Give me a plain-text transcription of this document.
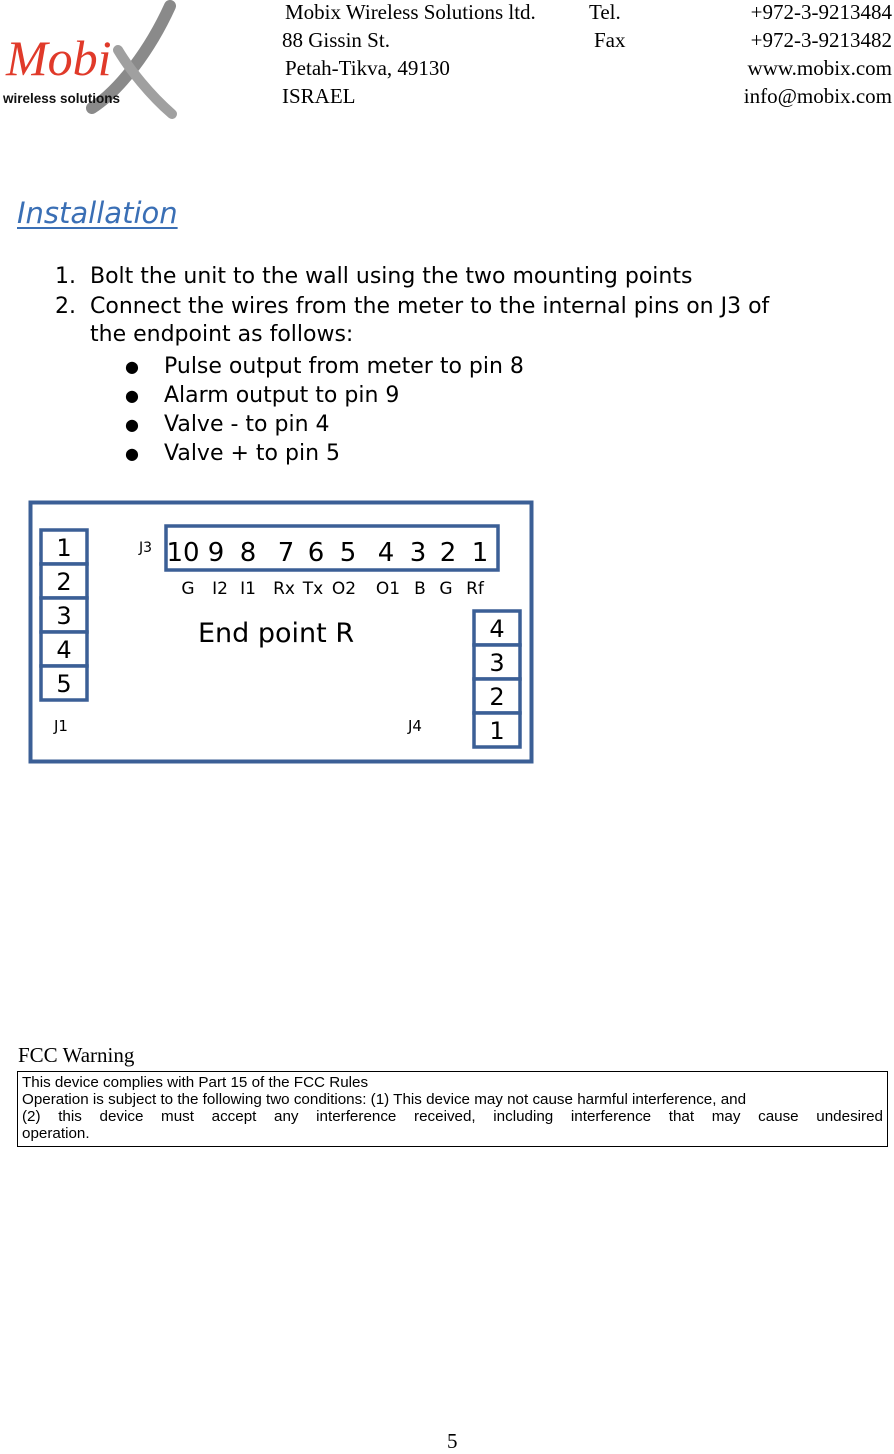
Mobi
wireless solutions
Mobix Wireless Solutions ltd.	Tel.	+972-3-9213484
88 Gissin St.	Fax	+972-3-9213482
Petah-Tikva, 49130	www.mobix.com
ISRAEL	info@mobix.com
Installation
1. Bolt the unit to the wall using the two mounting points
2. Connect the wires from the meter to the internal pins on J3 of
the endpoint as follows:
● Pulse output from meter to pin 8
● Alarm output to pin 9
● Valve - to pin 4
● Valve + to pin 5
1
2
3
4
5
10 9 8 7 6 5 4 3 2 1
G I2 I1 Rx Tx O2 O1 B G Rf
4
3
2
1
J3
J1	J4
End point R
FCC Warning
This device complies with Part 15 of the FCC Rules
Operation is subject to the following two conditions: (1) This device may not cause harmful interference, and
(2) this device must accept any interference received, including interference that may cause undesired
operation.
5
